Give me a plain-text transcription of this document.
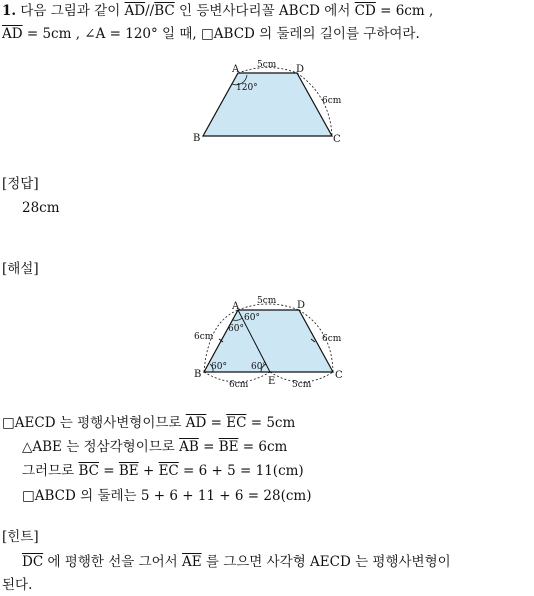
1. 다음 그림과 같이 $\overline{AD}//\overline{BC}$ 인 등변사다리꼴 ABCD 에서 $\overline{CD} = 6cm$ ,
$\overline{AD} = 5cm$ , ∠A = 120° 일 때, □ABCD 의 둘레의 길이를 구하여라.
A	D
B	C
5cm
6cm
120°
[정답]
28cm
[해설]
A	D
B	C
E
5cm
6cm	6cm
6cm	5cm
60°
60°
60°	60°
□AECD 는 평행사변형이므로 $\overline{AD} = \overline{EC} = 5cm$
△ABE 는 정삼각형이므로 $\overline{AB} = \overline{BE} = 6cm$
그러므로 $\overline{BC} = \overline{BE} + \overline{EC} = 6 + 5 = 11(cm)$
□ABCD 의 둘레는 5 + 6 + 11 + 6 = 28(cm)
[힌트]
$\overline{DC}$ 에 평행한 선을 그어서 $\overline{AE}$ 를 그으면 사각형 AECD 는 평행사변형이
된다.
